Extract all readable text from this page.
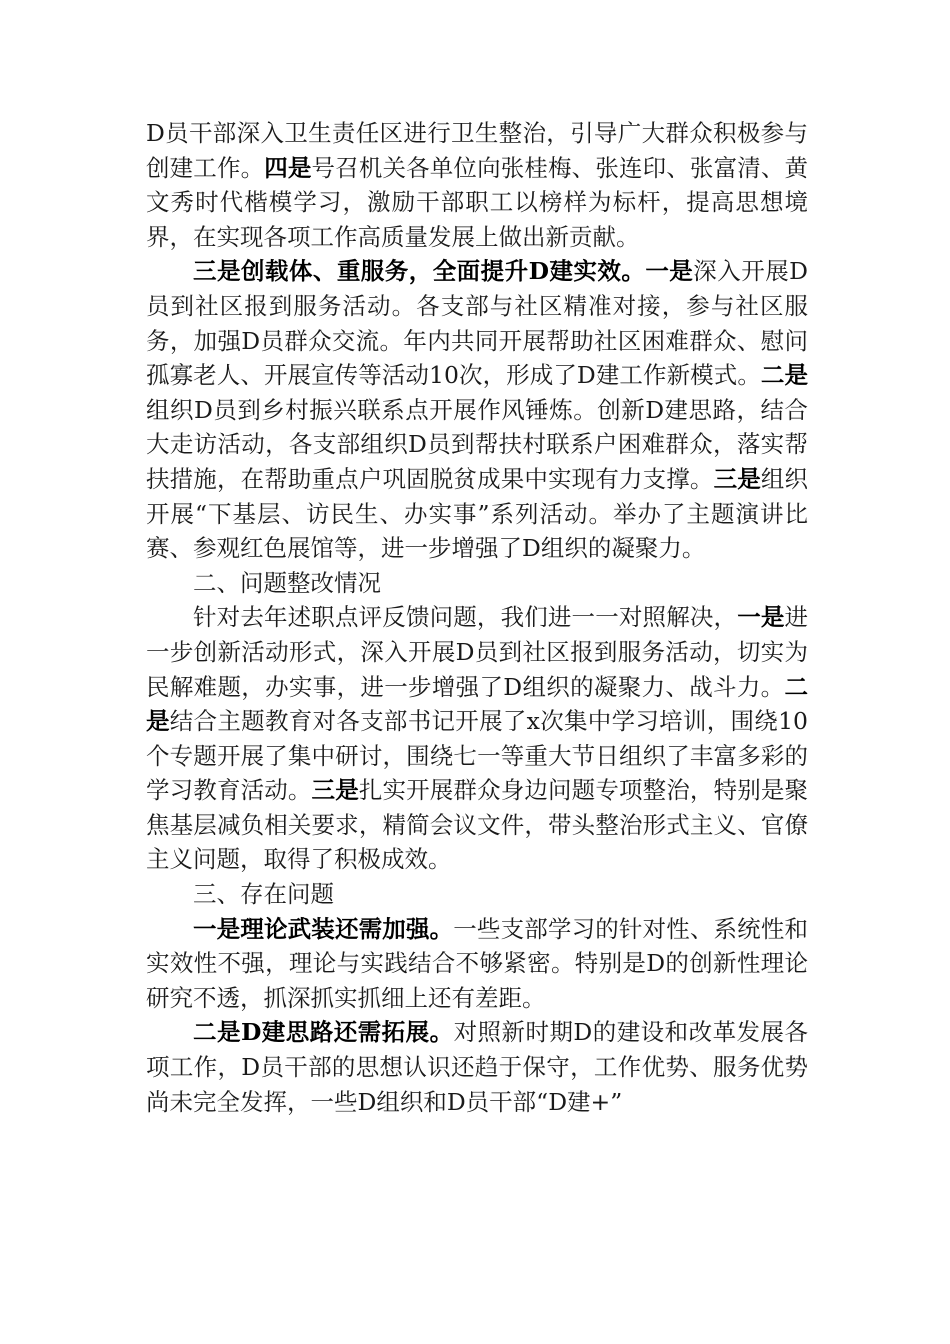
D员干部深入卫生责任区进行卫生整治，引导广大群众积极参与创建工作。四是号召机关各单位向张桂梅、张连印、张富清、黄文秀时代楷模学习，激励干部职工以榜样为标杆，提高思想境界，在实现各项工作高质量发展上做出新贡献。

三是创载体、重服务，全面提升D建实效。一是深入开展D员到社区报到服务活动。各支部与社区精准对接，参与社区服务，加强D员群众交流。年内共同开展帮助社区困难群众、慰问孤寡老人、开展宣传等活动10次，形成了D建工作新模式。二是组织D员到乡村振兴联系点开展作风锤炼。创新D建思路，结合大走访活动，各支部组织D员到帮扶村联系户困难群众，落实帮扶措施，在帮助重点户巩固脱贫成果中实现有力支撑。三是组织开展“下基层、访民生、办实事”系列活动。举办了主题演讲比赛、参观红色展馆等，进一步增强了D组织的凝聚力。

二、问题整改情况

针对去年述职点评反馈问题，我们进一一对照解决，一是进一步创新活动形式，深入开展D员到社区报到服务活动，切实为民解难题，办实事，进一步增强了D组织的凝聚力、战斗力。二是结合主题教育对各支部书记开展了x次集中学习培训，围绕10个专题开展了集中研讨，围绕七一等重大节日组织了丰富多彩的学习教育活动。三是扎实开展群众身边问题专项整治，特别是聚焦基层减负相关要求，精简会议文件，带头整治形式主义、官僚主义问题，取得了积极成效。

三、存在问题

一是理论武装还需加强。一些支部学习的针对性、系统性和实效性不强，理论与实践结合不够紧密。特别是D的创新性理论研究不透，抓深抓实抓细上还有差距。

二是D建思路还需拓展。对照新时期D的建设和改革发展各项工作，D员干部的思想认识还趋于保守，工作优势、服务优势尚未完全发挥，一些D组织和D员干部“D建+”
